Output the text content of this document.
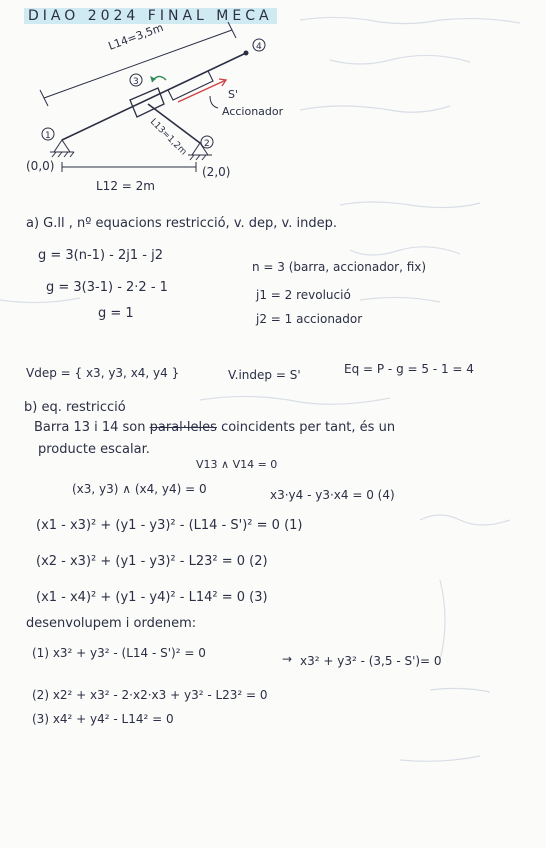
DIAO 2024 FINAL MECA
L14=3,5m
S'
Accionador
L13=1,2m
1
2
3
4
(0,0)	(2,0)
L12 = 2m
a) G.ll , nº equacions restricció, v. dep, v. indep.
g = 3(n-1) - 2j1 - j2
g = 3(3-1) - 2·2 - 1
g = 1
n = 3 (barra, accionador, fix)
j1 = 2 revolució
j2 = 1 accionador
Vdep = { x3, y3, x4, y4 }	V.indep = S'	Eq = P - g = 5 - 1 = 4
b) eq. restricció
Barra 13 i 14 son paral·leles coincidents per tant, és un
producte escalar.
V13 ∧ V14 = 0
(x3, y3) ∧ (x4, y4) = 0	x3·y4 - y3·x4 = 0 (4)
(x1 - x3)² + (y1 - y3)² - (L14 - S')² = 0 (1)
(x2 - x3)² + (y1 - y3)² - L23² = 0 (2)
(x1 - x4)² + (y1 - y4)² - L14² = 0 (3)
desenvolupem i ordenem:
(1) x3² + y3² - (L14 - S')² = 0	→ x3² + y3² - (3,5 - S')= 0
(2) x2² + x3² - 2·x2·x3 + y3² - L23² = 0
(3) x4² + y4² - L14² = 0
